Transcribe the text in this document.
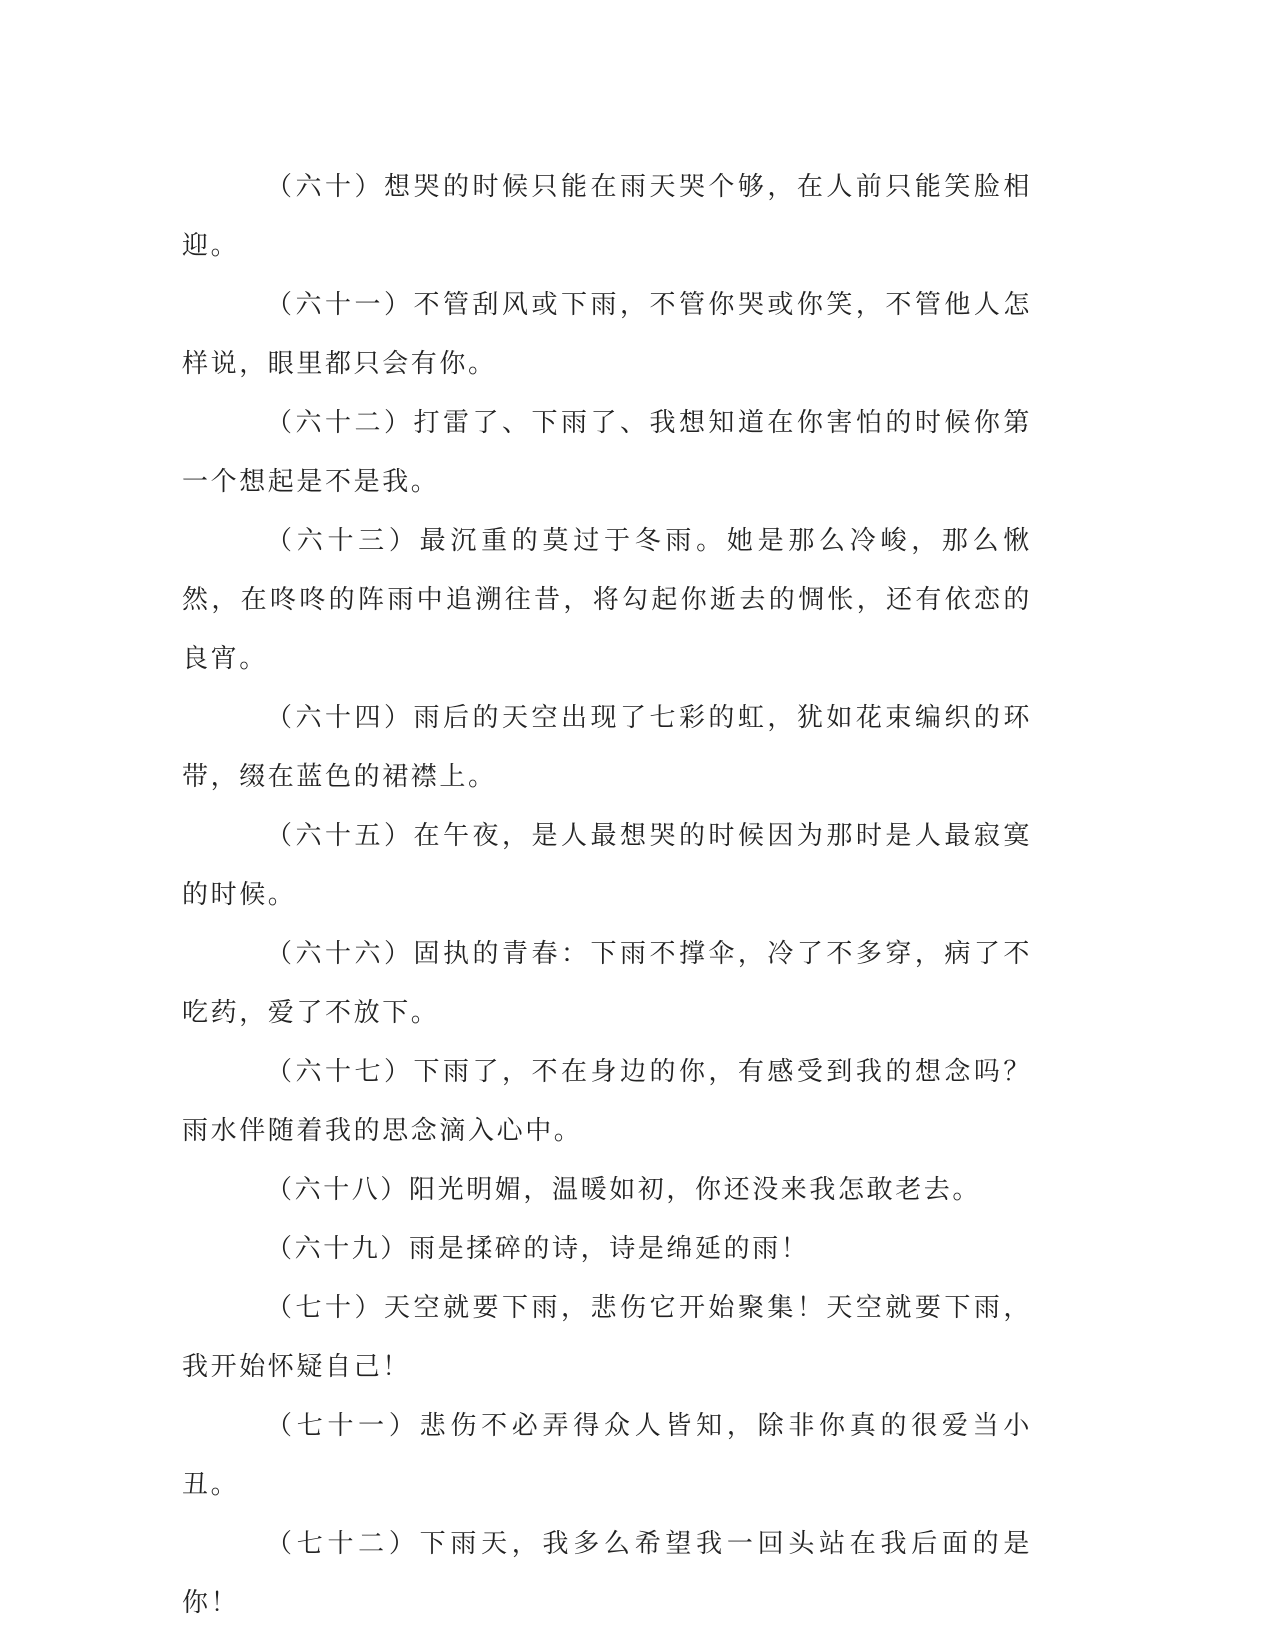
（六十）想哭的时候只能在雨天哭个够，在人前只能笑脸相迎。

（六十一）不管刮风或下雨，不管你哭或你笑，不管他人怎样说，眼里都只会有你。

（六十二）打雷了、下雨了、我想知道在你害怕的时候你第一个想起是不是我。

（六十三）最沉重的莫过于冬雨。她是那么冷峻，那么愀然，在咚咚的阵雨中追溯往昔，将勾起你逝去的惆怅，还有依恋的良宵。

（六十四）雨后的天空出现了七彩的虹，犹如花束编织的环带，缀在蓝色的裙襟上。

（六十五）在午夜，是人最想哭的时候因为那时是人最寂寞的时候。

（六十六）固执的青春：下雨不撑伞，冷了不多穿，病了不吃药，爱了不放下。

（六十七）下雨了，不在身边的你，有感受到我的想念吗？雨水伴随着我的思念滴入心中。

（六十八）阳光明媚，温暖如初，你还没来我怎敢老去。

（六十九）雨是揉碎的诗，诗是绵延的雨！

（七十）天空就要下雨，悲伤它开始聚集！天空就要下雨，我开始怀疑自己！

（七十一）悲伤不必弄得众人皆知，除非你真的很爱当小丑。

（七十二）下雨天，我多么希望我一回头站在我后面的是你！
